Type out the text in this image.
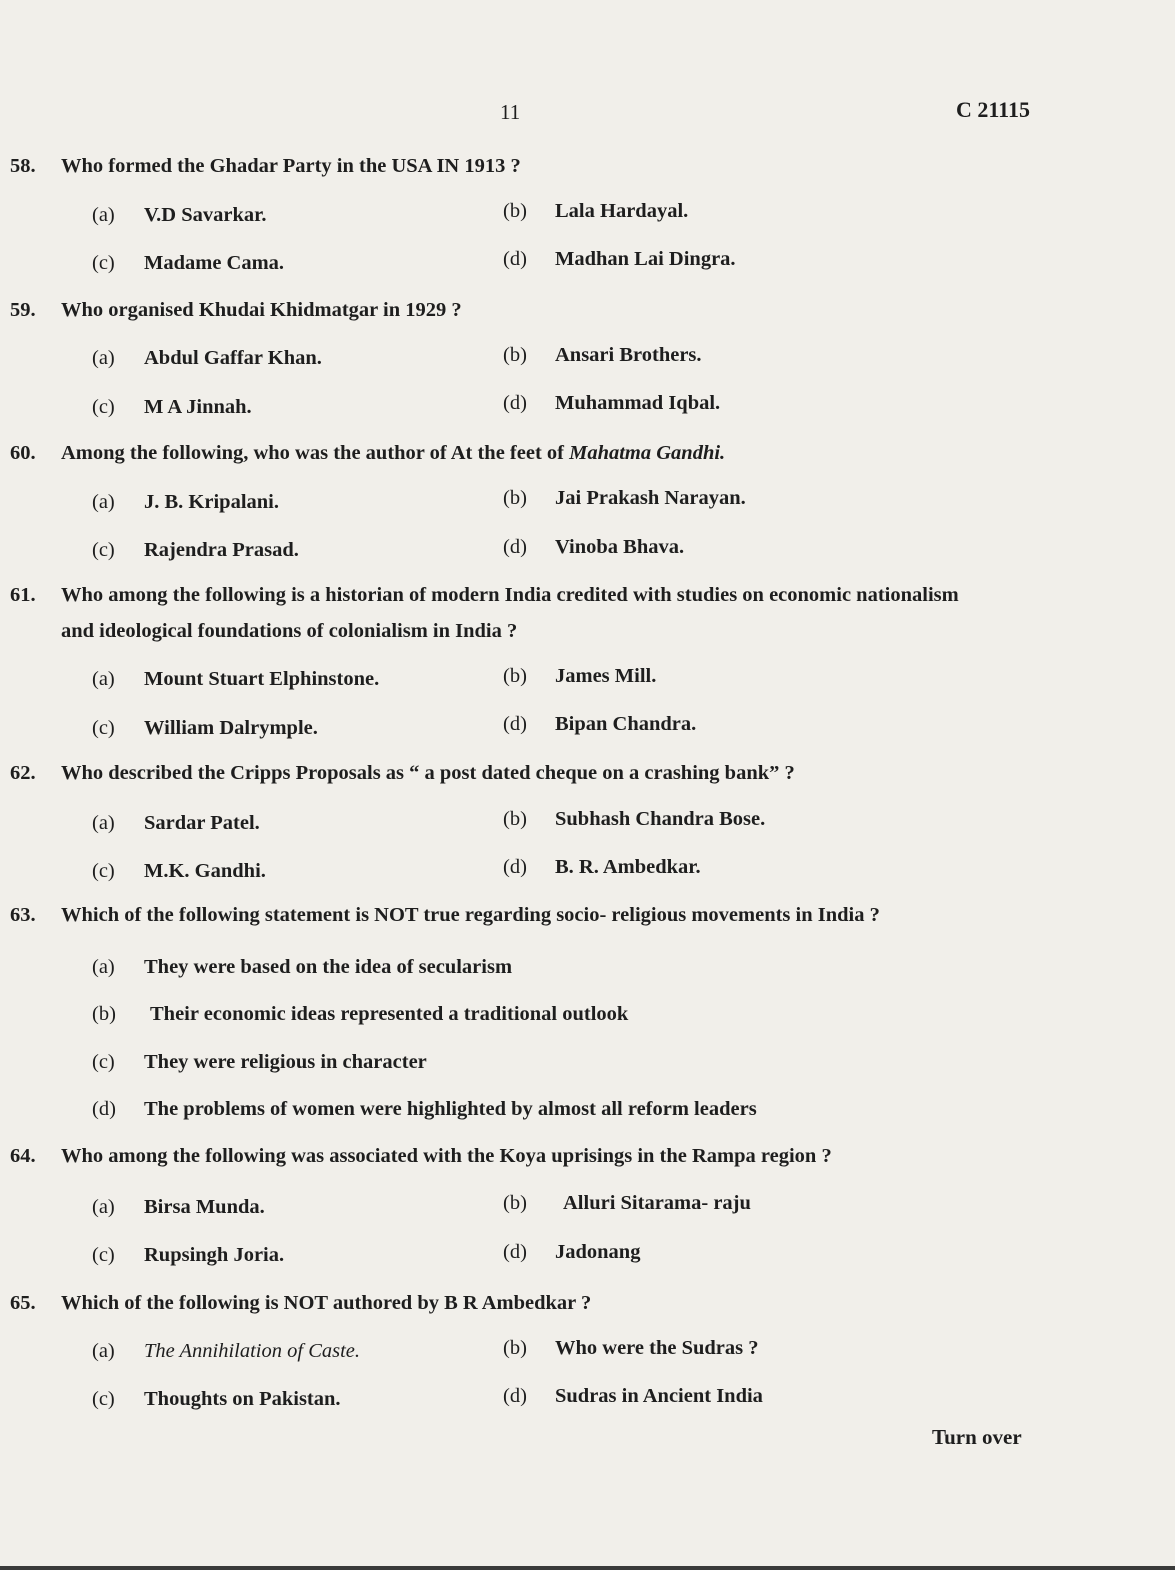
11	C 21115
58. Who formed the Ghadar Party in the USA IN 1913 ?
(a) V.D Savarkar.	(b) Lala Hardayal.
(c) Madame Cama.	(d) Madhan Lai Dingra.
59. Who organised Khudai Khidmatgar in 1929 ?
(a) Abdul Gaffar Khan.	(b) Ansari Brothers.
(c) M A Jinnah.	(d) Muhammad Iqbal.
60. Among the following, who was the author of At the feet of Mahatma Gandhi.
(a) J. B. Kripalani.	(b) Jai Prakash Narayan.
(c) Rajendra Prasad.	(d) Vinoba Bhava.
61. Who among the following is a historian of modern India credited with studies on economic nationalism
and ideological foundations of colonialism in India ?
(a) Mount Stuart Elphinstone.	(b) James Mill.
(c) William Dalrymple.	(d) Bipan Chandra.
62. Who described the Cripps Proposals as “ a post dated cheque on a crashing bank” ?
(a) Sardar Patel.	(b) Subhash Chandra Bose.
(c) M.K. Gandhi.	(d) B. R. Ambedkar.
63. Which of the following statement is NOT true regarding socio- religious movements in India ?
(a) They were based on the idea of secularism
(b) Their economic ideas represented a traditional outlook
(c) They were religious in character
(d) The problems of women were highlighted by almost all reform leaders
64. Who among the following was associated with the Koya uprisings in the Rampa region ?
(a) Birsa Munda.	(b) Alluri Sitarama- raju
(c) Rupsingh Joria.	(d) Jadonang
65. Which of the following is NOT authored by B R Ambedkar ?
(a) The Annihilation of Caste.	(b) Who were the Sudras ?
(c) Thoughts on Pakistan.	(d) Sudras in Ancient India
Turn over
